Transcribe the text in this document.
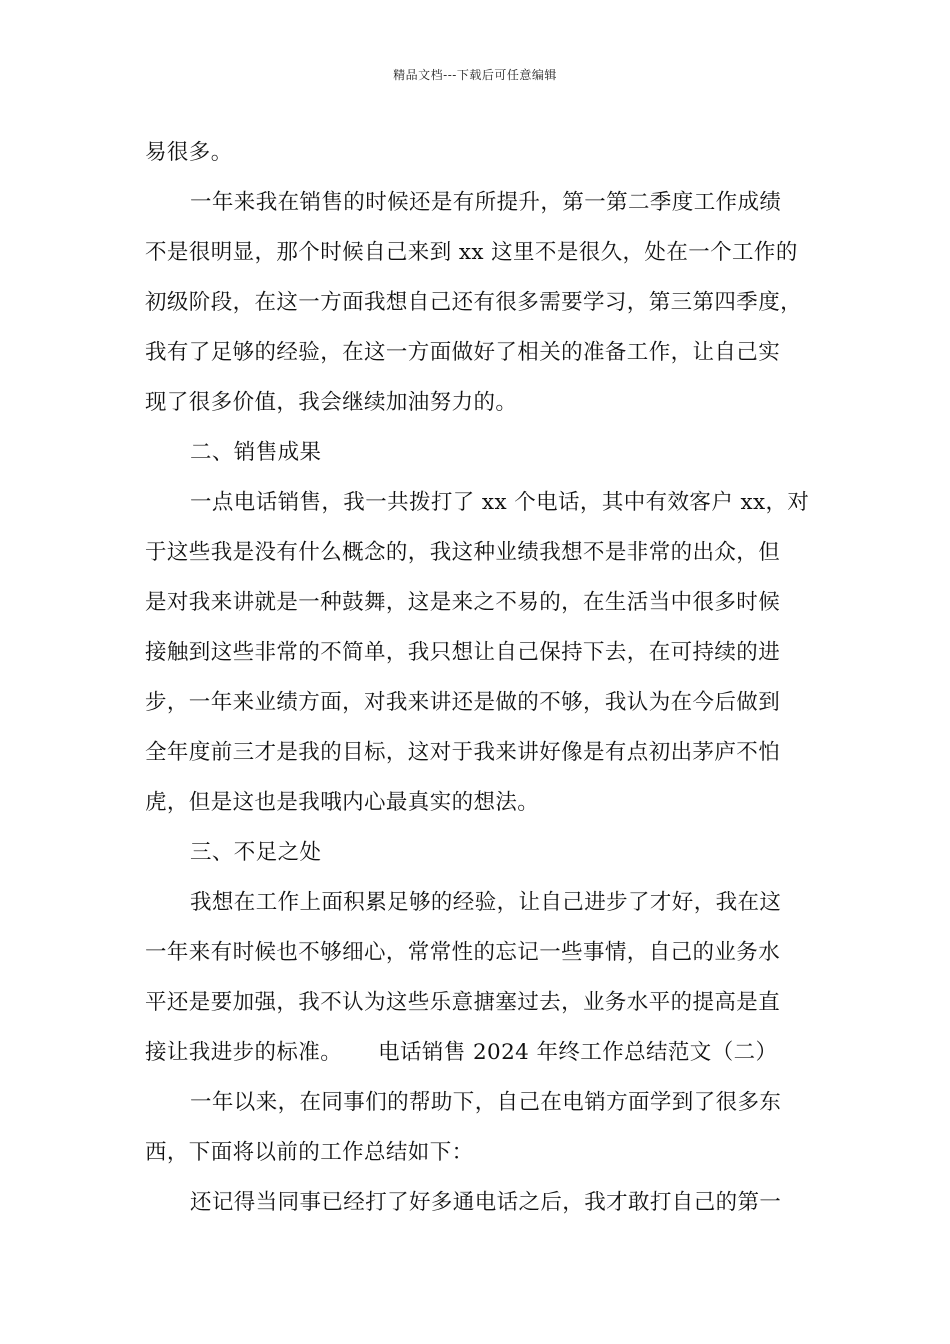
精品文档---下载后可任意编辑
易很多。
一年来我在销售的时候还是有所提升，第一第二季度工作成绩
不是很明显，那个时候自己来到 xx 这里不是很久，处在一个工作的
初级阶段，在这一方面我想自己还有很多需要学习，第三第四季度，
我有了足够的经验，在这一方面做好了相关的准备工作，让自己实
现了很多价值，我会继续加油努力的。
二、销售成果
一点电话销售，我一共拨打了 xx 个电话，其中有效客户 xx，对
于这些我是没有什么概念的，我这种业绩我想不是非常的出众，但
是对我来讲就是一种鼓舞，这是来之不易的，在生活当中很多时候
接触到这些非常的不简单，我只想让自己保持下去，在可持续的进
步，一年来业绩方面，对我来讲还是做的不够，我认为在今后做到
全年度前三才是我的目标，这对于我来讲好像是有点初出茅庐不怕
虎，但是这也是我哦内心最真实的想法。
三、不足之处
我想在工作上面积累足够的经验，让自己进步了才好，我在这
一年来有时候也不够细心，常常性的忘记一些事情，自己的业务水
平还是要加强，我不认为这些乐意搪塞过去，业务水平的提高是直
接让我进步的标准。 电话销售 2024 年终工作总结范文（二）
一年以来，在同事们的帮助下，自己在电销方面学到了很多东
西，下面将以前的工作总结如下：
还记得当同事已经打了好多通电话之后，我才敢打自己的第一
